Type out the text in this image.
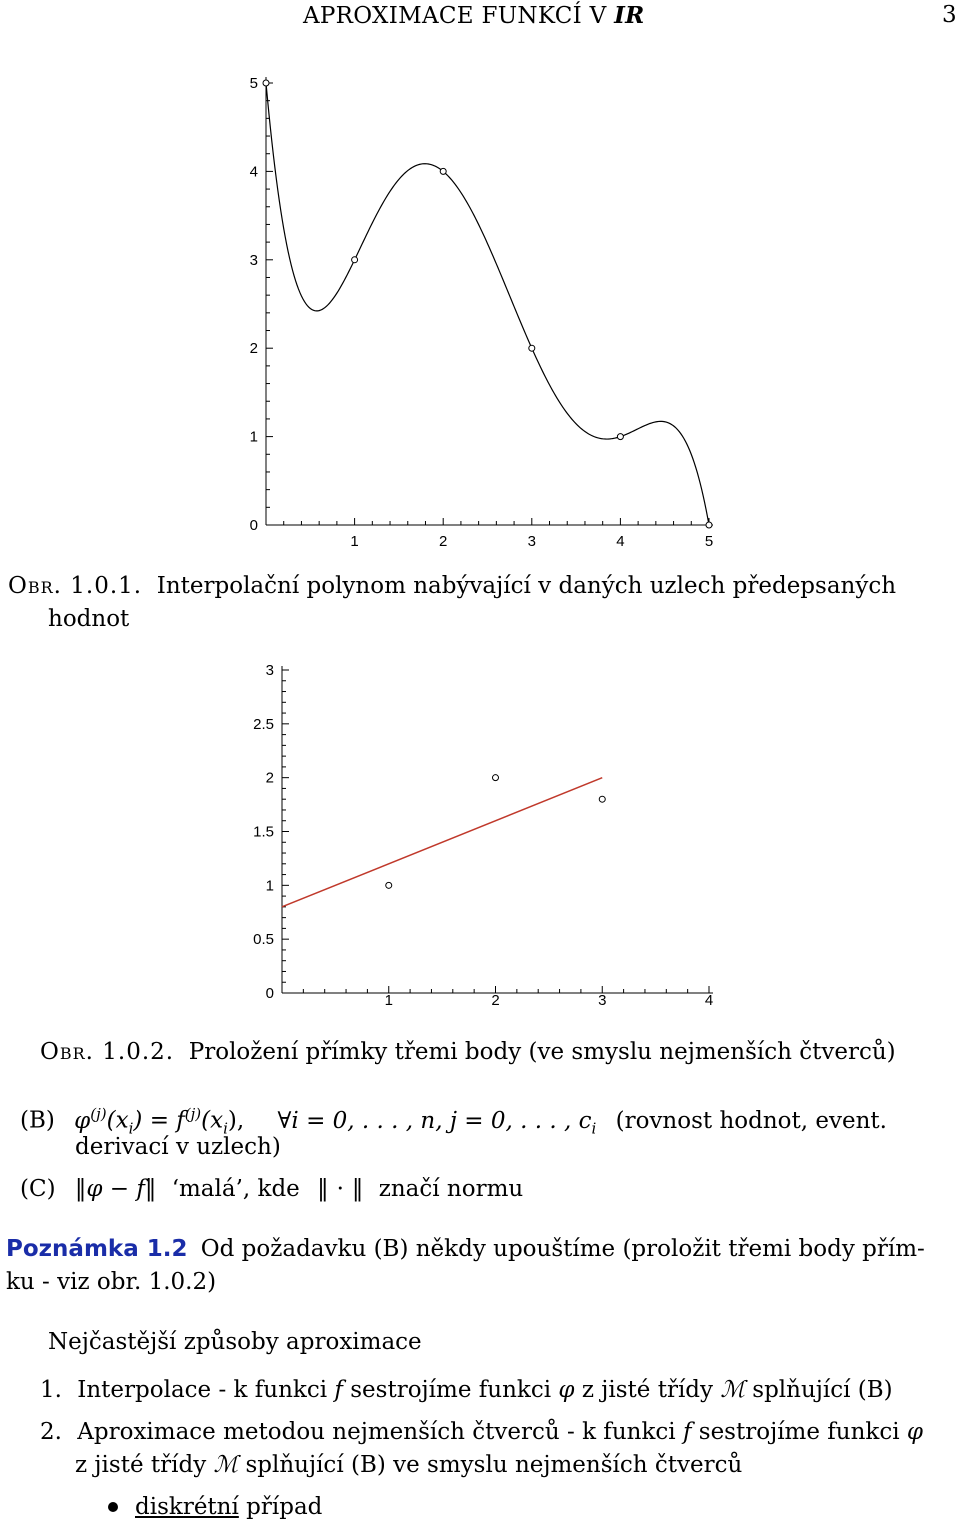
APROXIMACE FUNKCÍ V IR	3
1	2	3	4	5
0
1
2
3
4
5
Obr. 1.0.1. Interpolační polynom nabývající v daných uzlech předepsaných
hodnot
1	2	3	4
0
0.5
1
1.5
2
2.5
3
Obr. 1.0.2. Proložení přímky třemi body (ve smyslu nejmenších čtverců)
(B) $\varphi^{(j)}(x_i) = f^{(j)}(x_i)$, ∀i = 0, . . . , n, j = 0, . . . , $c_i$ (rovnost hodnot, event.
derivací v uzlech)
(C) ‖φ − f‖ ‘malá’, kde ‖ · ‖ značí normu
Poznámka 1.2 Od požadavku (B) někdy upouštíme (proložit třemi body přím-
ku - viz obr. 1.0.2)
Nejčastější způsoby aproximace
1. Interpolace - k funkci f sestrojíme funkci φ z jisté třídy ℳ splňující (B)
2. Aproximace metodou nejmenších čtverců - k funkci f sestrojíme funkci φ
z jisté třídy ℳ splňující (B) ve smyslu nejmenších čtverců
diskrétní případ
